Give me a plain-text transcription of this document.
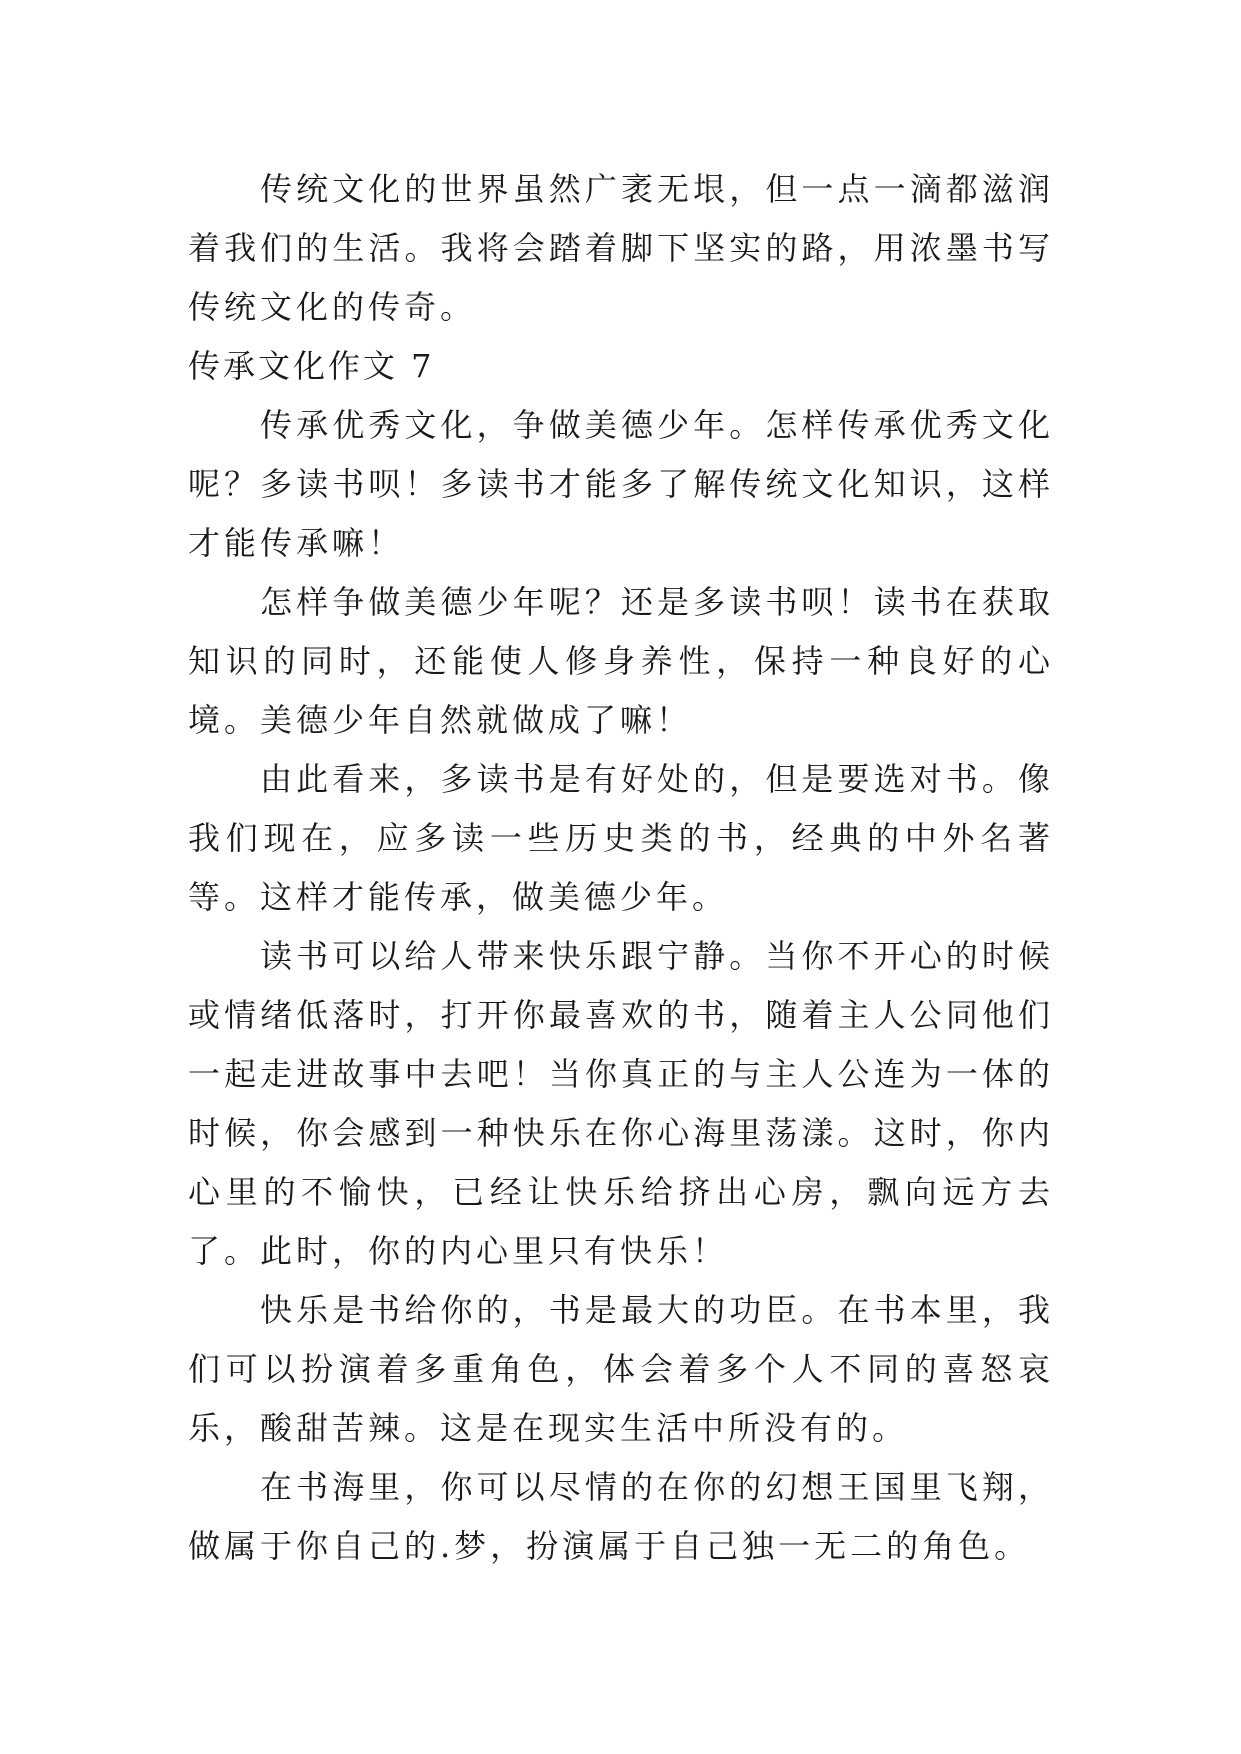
传统文化的世界虽然广袤无垠，但一点一滴都滋润着我们的生活。我将会踏着脚下坚实的路，用浓墨书写传统文化的传奇。

传承文化作文 7

传承优秀文化，争做美德少年。怎样传承优秀文化呢？多读书呗！多读书才能多了解传统文化知识，这样才能传承嘛！

怎样争做美德少年呢？还是多读书呗！读书在获取知识的同时，还能使人修身养性，保持一种良好的心境。美德少年自然就做成了嘛！

由此看来，多读书是有好处的，但是要选对书。像我们现在，应多读一些历史类的书，经典的中外名著等。这样才能传承，做美德少年。

读书可以给人带来快乐跟宁静。当你不开心的时候或情绪低落时，打开你最喜欢的书，随着主人公同他们一起走进故事中去吧！当你真正的与主人公连为一体的时候，你会感到一种快乐在你心海里荡漾。这时，你内心里的不愉快，已经让快乐给挤出心房，飘向远方去了。此时，你的内心里只有快乐！

快乐是书给你的，书是最大的功臣。在书本里，我们可以扮演着多重角色，体会着多个人不同的喜怒哀乐，酸甜苦辣。这是在现实生活中所没有的。

在书海里，你可以尽情的在你的幻想王国里飞翔，做属于你自己的.梦，扮演属于自己独一无二的角色。
